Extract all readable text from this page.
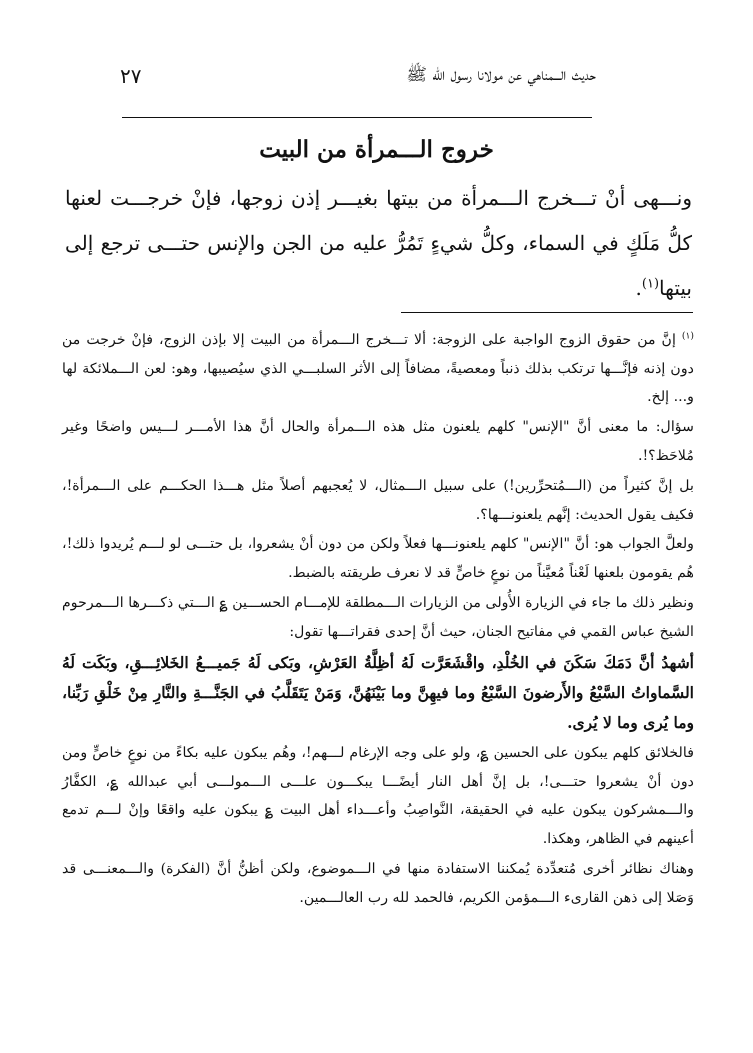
حديث الـــمناهي عن مولانا رسول الله ﷺ
٢٧
خروج الـــمرأة من البيت
ونـــهى أنْ تـــخرج الـــمرأة من بيتها بغيـــر إذن زوجها، فإنْ خرجـــت لعنها كلُّ مَلَكٍ في السماء، وكلُّ شيءٍ تَمُرُّ عليه من الجن والإنس حتـــى ترجع إلى بيتها$^{(١)}$.

$^{(١)}$ إنَّ من حقوق الزوج الواجبة على الزوجة: ألا تـــخرج الـــمرأة من البيت إلا بإذن الزوج، فإنْ خرجت من دون إذنه فإنَّـــها ترتكب بذلك ذنباً ومعصيةً، مضافاً إلى الأثر السلبـــي الذي سيُصيبها، وهو: لعن الـــملائكة لها و... إلخ.

سؤال: ما معنى أنَّ "الإنس" كلهم يلعنون مثل هذه الـــمرأة والحال أنَّ هذا الأمـــر لـــيس واضحًا وغير مُلاحَظ؟!.

بل إنَّ كثيراً من (الـــمُتحرِّرين!) على سبيل الـــمثال، لا يُعجبهم أصلاً مثل هـــذا الحكـــم على الـــمرأة!، فكيف يقول الحديث: إنَّهم يلعنونـــها؟.

ولعلَّ الجواب هو: أنَّ "الإنس" كلهم يلعنونـــها فعلاً ولكن من دون أنْ يشعروا، بل حتـــى لو لـــم يُريدوا ذلك!، هُم يقومون بلعنها لَعْناً مُعيَّناً من نوعٍ خاصٍّ قد لا نعرف طريقته بالضبط.

ونظير ذلك ما جاء في الزيارة الأُولى من الزيارات الـــمطلقة للإمـــام الحســـين ؏ الـــتي ذكـــرها الـــمرحوم الشيخ عباس القمي في مفاتيح الجنان، حيث أنَّ إحدى فقراتـــها تقول:

أشهدُ أنَّ دَمَكَ سَكَنَ في الخُلْدِ، واقْشَعَرَّت لَهُ أظِلَّةُ العَرْشِ، وبَكى لَهُ جَميـــعُ الخَلائِـــقِ، وبَكَت لَهُ السَّماواتُ السَّبْعُ والأَرضونَ السَّبْعُ وما فيهِنَّ وما بَيْنَهُنَّ، وَمَنْ يَتَقَلَّبُ في الجَنَّـــةِ والنَّارِ مِنْ خَلْقِ رَبِّنا، وما يُرى وما لا يُرى.

فالخلائق كلهم يبكون على الحسين ؏، ولو على وجه الإرغام لـــهم!، وهُم يبكون عليه بكاءً من نوعٍ خاصٍّ ومن دون أنْ يشعروا حتـــى!، بل إنَّ أهل النار أيضًـــا يبكـــون علـــى الـــمولـــى أبي عبدالله ؏، الكفَّارُ والـــمشركون يبكون عليه في الحقيقة، النَّواصِبُ وأعـــداء أهل البيت ؏ يبكون عليه واقعًا وإنْ لـــم تدمع أعينهم في الظاهر، وهكذا.

وهناك نظائر أخرى مُتعدِّدة يُمكننا الاستفادة منها في الـــموضوع، ولكن أظنُّ أنَّ (الفكرة) والـــمعنـــى قد وَصَلا إلى ذهن القارىء الـــمؤمن الكريم، فالحمد لله رب العالـــمين.
